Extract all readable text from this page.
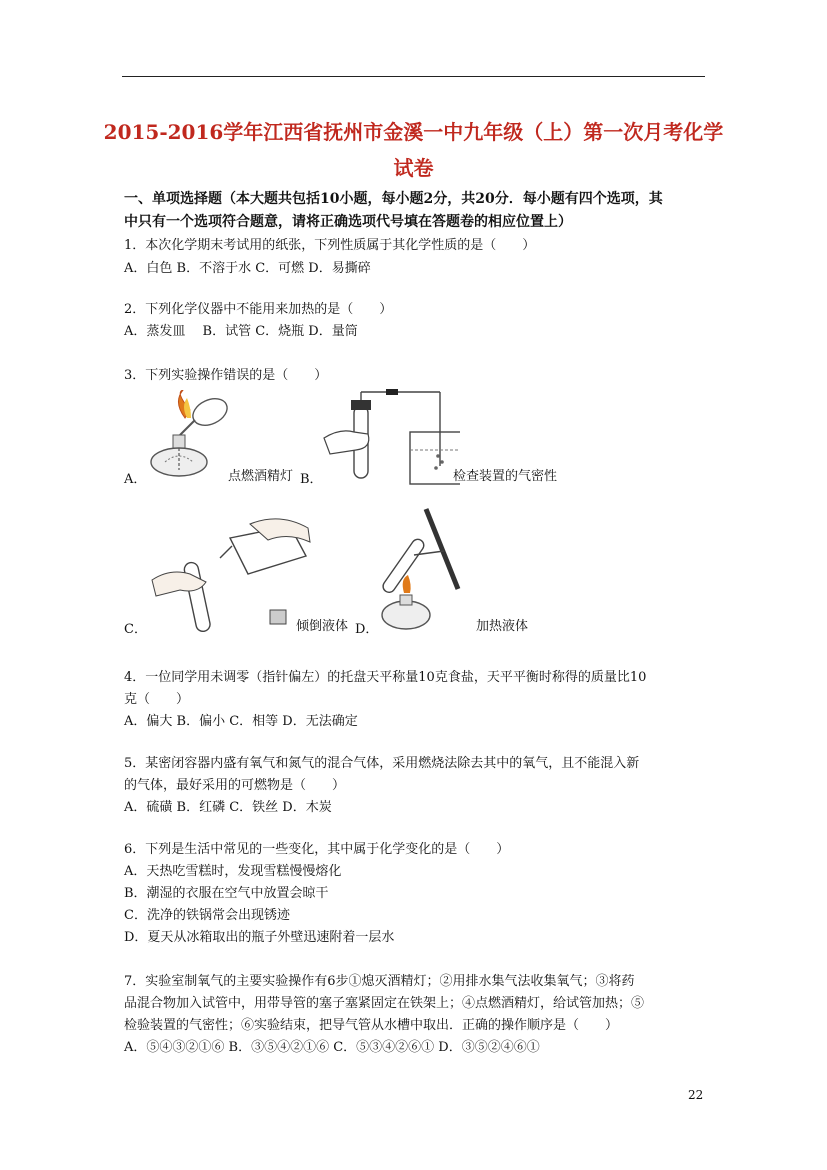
2015-2016学年江西省抚州市金溪一中九年级（上）第一次月考化学
试卷
一、单项选择题（本大题共包括10小题，每小题2分，共20分．每小题有四个选项，其
中只有一个选项符合题意，请将正确选项代号填在答题卷的相应位置上）
1．本次化学期末考试用的纸张，下列性质属于其化学性质的是（　　）
A．白色 B．不溶于水 C．可燃 D．易撕碎
2．下列化学仪器中不能用来加热的是（　　）
A．蒸发皿　 B．试管 C．烧瓶 D．量筒
3．下列实验操作错误的是（　　）
A．	点燃酒精灯 B．	检查装置的气密性
C．	倾倒液体 D．	加热液体
4．一位同学用未调零（指针偏左）的托盘天平称量10克食盐，天平平衡时称得的质量比10
克（　　）
A．偏大 B．偏小 C．相等 D．无法确定
5．某密闭容器内盛有氧气和氮气的混合气体，采用燃烧法除去其中的氧气，且不能混入新
的气体，最好采用的可燃物是（　　）
A．硫磺 B．红磷 C．铁丝 D．木炭
6．下列是生活中常见的一些变化，其中属于化学变化的是（　　）
A．天热吃雪糕时，发现雪糕慢慢熔化
B．潮湿的衣服在空气中放置会晾干
C．洗净的铁锅常会出现锈迹
D．夏天从冰箱取出的瓶子外壁迅速附着一层水
7．实验室制氧气的主要实验操作有6步①熄灭酒精灯；②用排水集气法收集氧气；③将药
品混合物加入试管中，用带导管的塞子塞紧固定在铁架上；④点燃酒精灯，给试管加热；⑤
检验装置的气密性；⑥实验结束，把导气管从水槽中取出．正确的操作顺序是（　　）
A．⑤④③②①⑥ B．③⑤④②①⑥ C．⑤③④②⑥① D．③⑤②④⑥①
22
